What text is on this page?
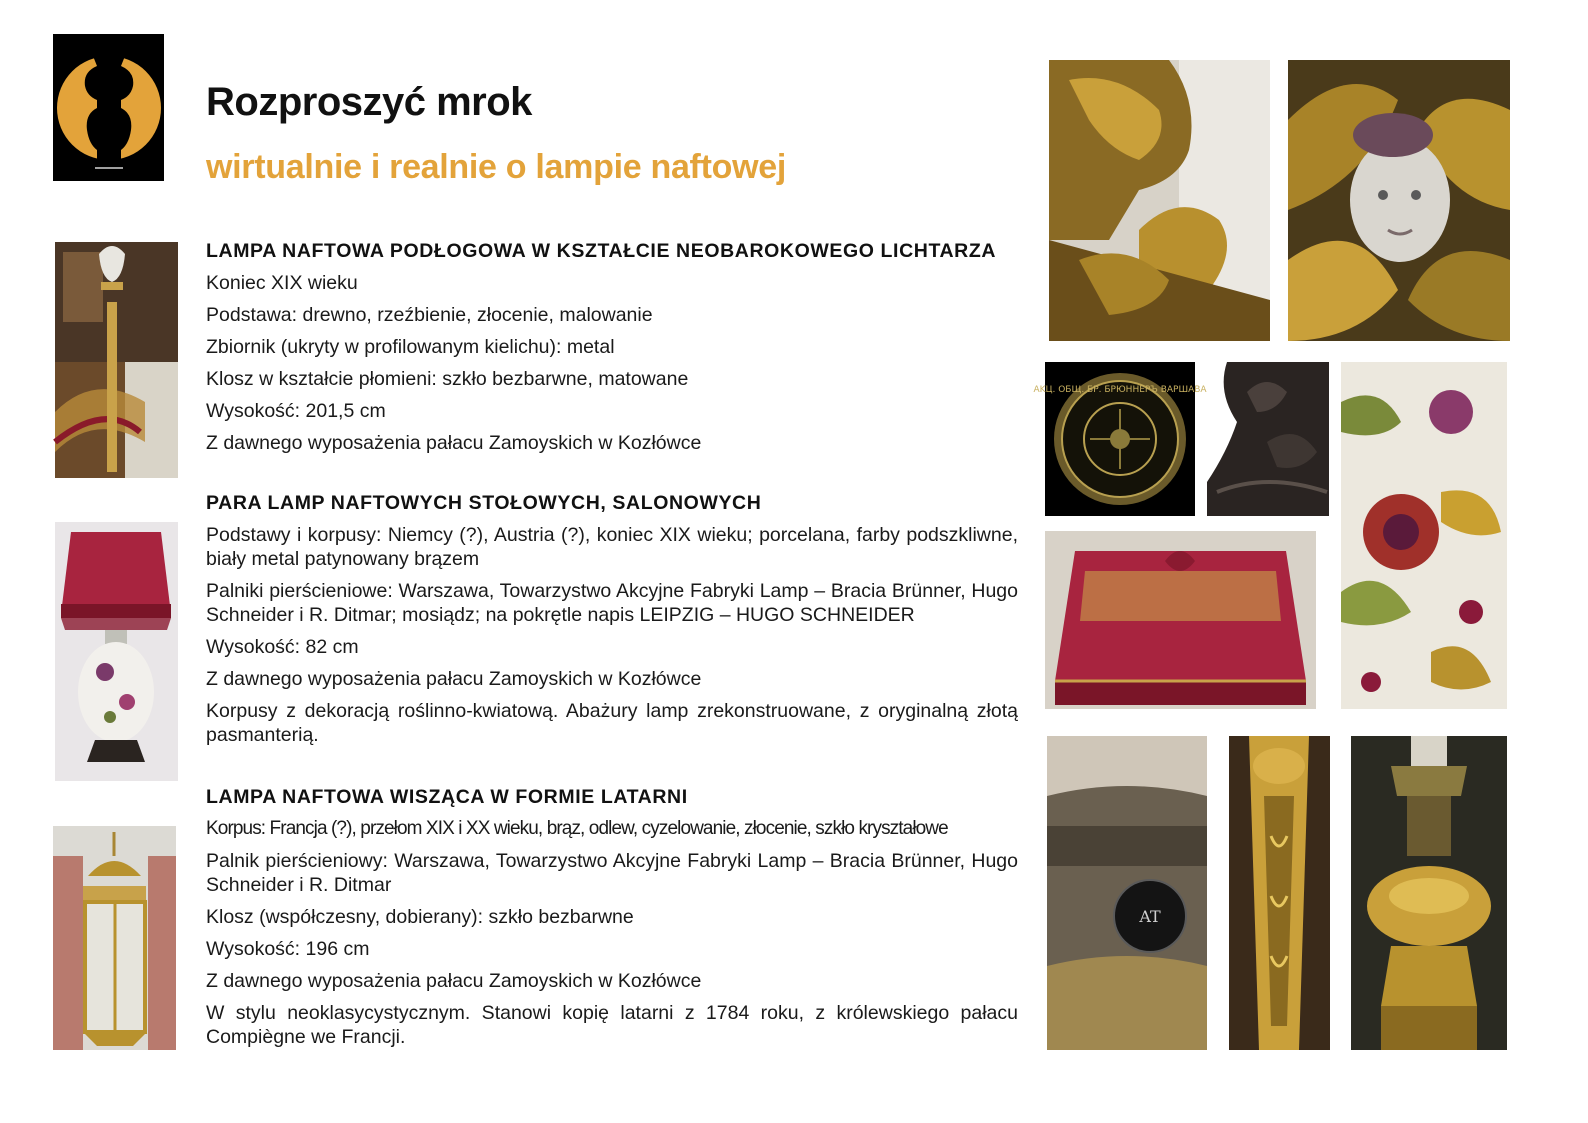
Rozproszyć mrok
wirtualnie i realnie o lampie naftowej
LAMPA NAFTOWA PODŁOGOWA W KSZTAŁCIE NEOBAROKOWEGO LICHTARZA
Koniec XIX wieku
Podstawa: drewno, rzeźbienie, złocenie, malowanie
Zbiornik (ukryty w profilowanym kielichu): metal
Klosz w kształcie płomieni: szkło bezbarwne, matowane
Wysokość: 201,5 cm
Z dawnego wyposażenia pałacu Zamoyskich w Kozłówce
PARA LAMP NAFTOWYCH STOŁOWYCH, SALONOWYCH
Podstawy i korpusy: Niemcy (?), Austria (?), koniec XIX wieku; porcelana, farby podszkliwne, biały metal patynowany brązem
Palniki pierścieniowe: Warszawa, Towarzystwo Akcyjne Fabryki Lamp – Bracia Brünner, Hugo Schneider i R. Ditmar; mosiądz; na pokrętle napis LEIPZIG – HUGO SCHNEIDER
Wysokość: 82 cm
Z dawnego wyposażenia pałacu Zamoyskich w Kozłówce
Korpusy z dekoracją roślinno-kwiatową. Abażury lamp zrekonstruowane, z oryginalną złotą pasmanterią.
LAMPA NAFTOWA WISZĄCA W FORMIE LATARNI
Korpus: Francja (?), przełom XIX i XX wieku, brąz, odlew, cyzelowanie, złocenie, szkło kryształowe
Palnik pierścieniowy: Warszawa, Towarzystwo Akcyjne Fabryki Lamp – Bracia Brünner, Hugo Schneider i R. Ditmar
Klosz (współczesny, dobierany): szkło bezbarwne
Wysokość: 196 cm
Z dawnego wyposażenia pałacu Zamoyskich w Kozłówce
W stylu neoklasycystycznym. Stanowi kopię latarni z 1784 roku, z królewskiego pałacu Compiègne we Francji.
AKЦ. ОБЩ. БР. БРЮННЕРЪ ВАРШАВА
AT
